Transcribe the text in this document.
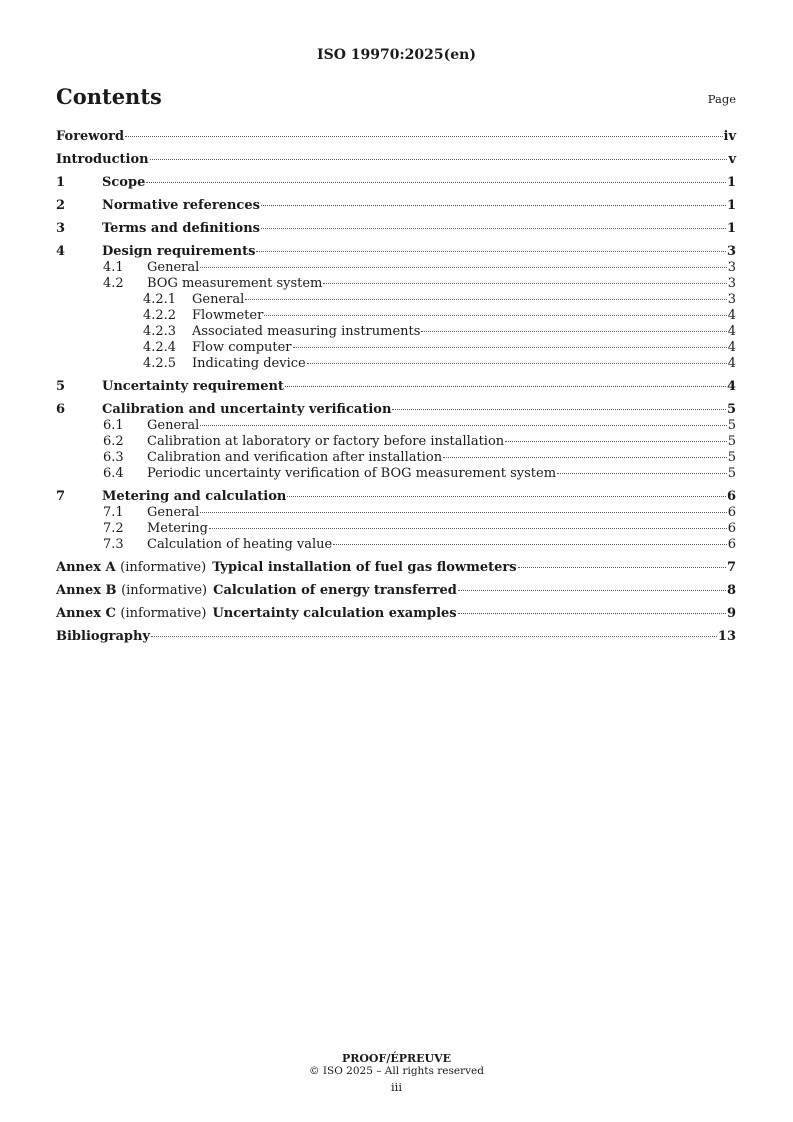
ISO 19970:2025(en)
Contents	Page
Foreword	iv
Introduction	v
1	Scope	1
2	Normative references	1
3	Terms and definitions	1
4	Design requirements	3
4.1	General	3
4.2	BOG measurement system	3
4.2.1	General	3
4.2.2	Flowmeter	4
4.2.3	Associated measuring instruments	4
4.2.4	Flow computer	4
4.2.5	Indicating device	4
5	Uncertainty requirement	4
6	Calibration and uncertainty verification	5
6.1	General	5
6.2	Calibration at laboratory or factory before installation	5
6.3	Calibration and verification after installation	5
6.4	Periodic uncertainty verification of BOG measurement system	5
7	Metering and calculation	6
7.1	General	6
7.2	Metering	6
7.3	Calculation of heating value	6
Annex A (informative) Typical installation of fuel gas flowmeters	7
Annex B (informative) Calculation of energy transferred	8
Annex C (informative) Uncertainty calculation examples	9
Bibliography	13
PROOF/ÉPREUVE
© ISO 2025 – All rights reserved
iii
